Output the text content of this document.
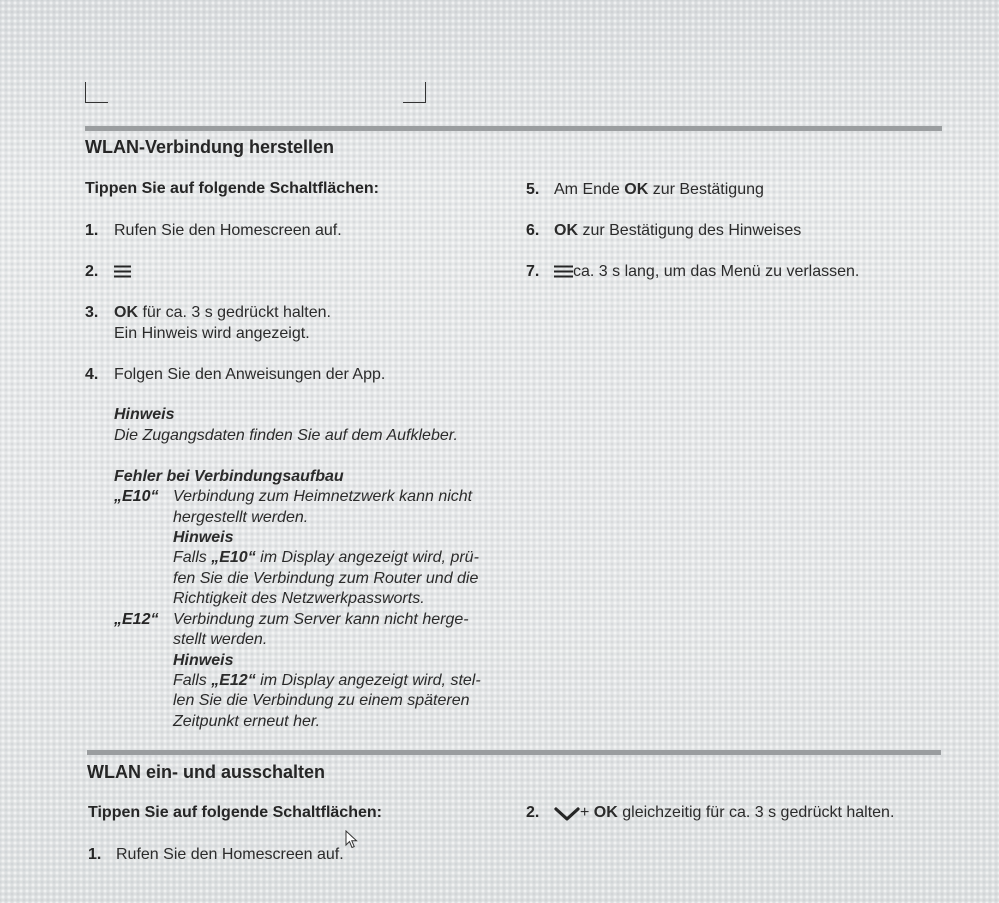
WLAN-Verbindung herstellen
Tippen Sie auf folgende Schaltflächen:
1. Rufen Sie den Homescreen auf.
2.
3. OK für ca. 3 s gedrückt halten.
Ein Hinweis wird angezeigt.
4. Folgen Sie den Anweisungen der App.
Hinweis
Die Zugangsdaten finden Sie auf dem Aufkleber.
Fehler bei Verbindungsaufbau
„E10“ Verbindung zum Heimnetzwerk kann nicht
hergestellt werden.
Hinweis
Falls „E10“ im Display angezeigt wird, prü-
fen Sie die Verbindung zum Router und die
Richtigkeit des Netzwerkpassworts.
„E12“ Verbindung zum Server kann nicht herge-
stellt werden.
Hinweis
Falls „E12“ im Display angezeigt wird, stel-
len Sie die Verbindung zu einem späteren
Zeitpunkt erneut her.
5. Am Ende OK zur Bestätigung
6. OK zur Bestätigung des Hinweises
7. ca. 3 s lang, um das Menü zu verlassen.
WLAN ein- und ausschalten
Tippen Sie auf folgende Schaltflächen:
1. Rufen Sie den Homescreen auf.
2.	+ OK gleichzeitig für ca. 3 s gedrückt halten.
